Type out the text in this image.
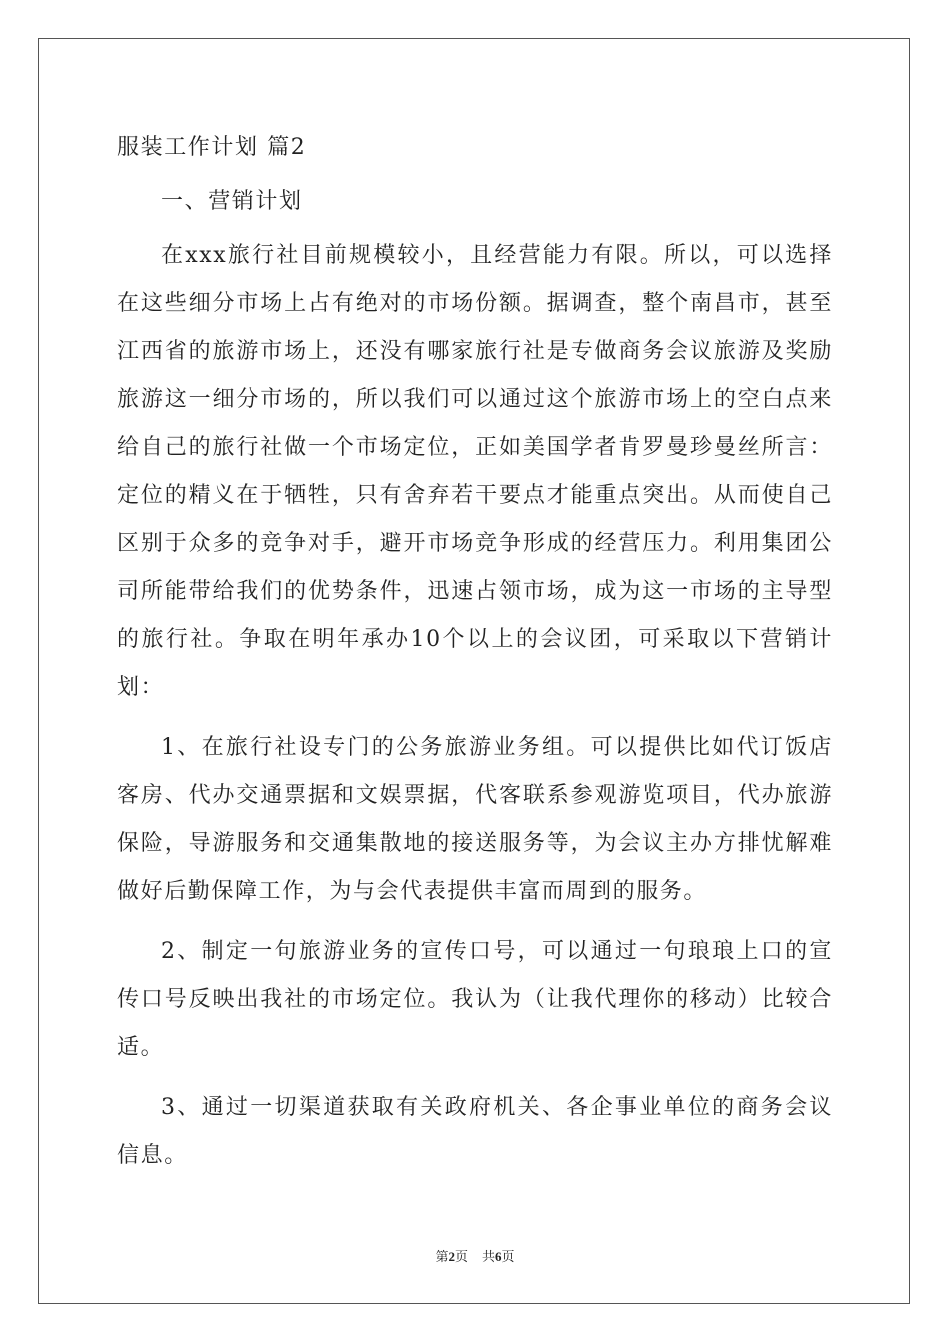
服装工作计划 篇2

一、营销计划

在xxx旅行社目前规模较小，且经营能力有限。所以，可以选择在这些细分市场上占有绝对的市场份额。据调查，整个南昌市，甚至江西省的旅游市场上，还没有哪家旅行社是专做商务会议旅游及奖励旅游这一细分市场的，所以我们可以通过这个旅游市场上的空白点来给自己的旅行社做一个市场定位，正如美国学者肯罗曼珍曼丝所言：定位的精义在于牺牲，只有舍弃若干要点才能重点突出。从而使自己区别于众多的竞争对手，避开市场竞争形成的经营压力。利用集团公司所能带给我们的优势条件，迅速占领市场，成为这一市场的主导型的旅行社。争取在明年承办10个以上的会议团，可采取以下营销计划：

1、在旅行社设专门的公务旅游业务组。可以提供比如代订饭店客房、代办交通票据和文娱票据，代客联系参观游览项目，代办旅游保险，导游服务和交通集散地的接送服务等，为会议主办方排忧解难做好后勤保障工作，为与会代表提供丰富而周到的服务。

2、制定一句旅游业务的宣传口号，可以通过一句琅琅上口的宣传口号反映出我社的市场定位。我认为（让我代理你的移动）比较合适。

3、通过一切渠道获取有关政府机关、各企事业单位的商务会议信息。

第2页 共6页
